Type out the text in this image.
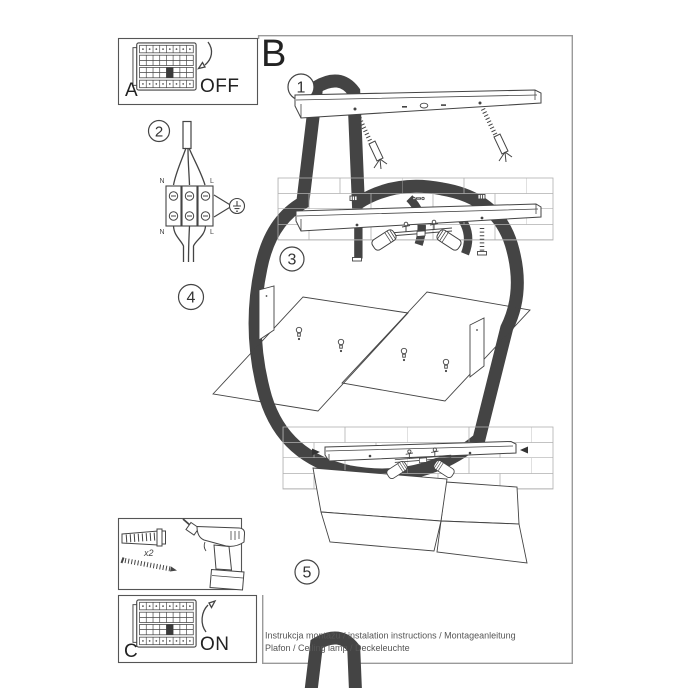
B
OFF
A
2
N	L
N	L
1
3
4
5
x2
ON
C
Instrukcja montażu / instalation instructions / Montageanleitung
Plafon / Ceiling lamp / Deckeleuchte
